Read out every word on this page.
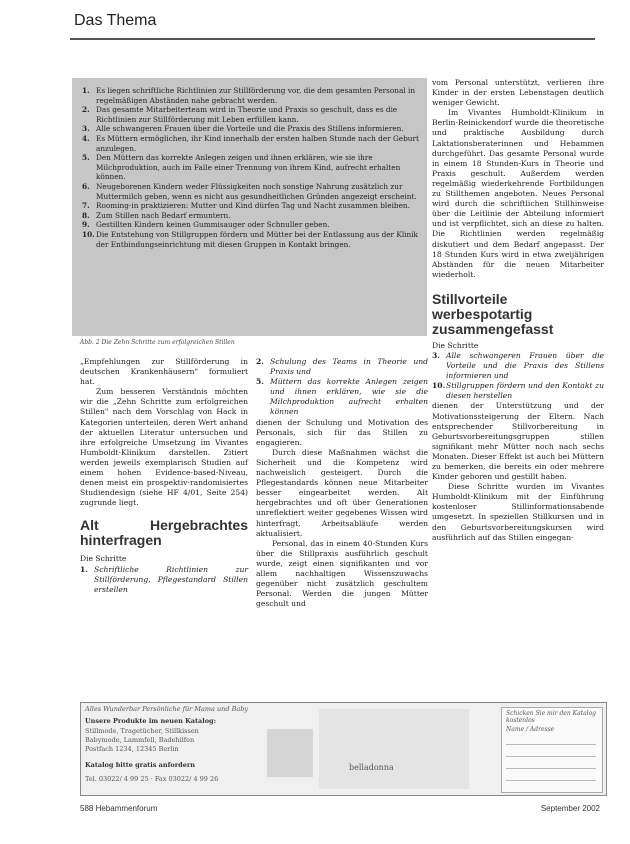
Das Thema
1. Es liegen schriftliche Richtlinien zur Stillförderung vor, die dem gesamten Personal in regelmäßigen Abständen nahe gebracht werden.
2. Das gesamte Mitarbeiterteam wird in Theorie und Praxis so geschult, dass es die Richtlinien zur Stillförderung mit Leben erfüllen kann.
3. Alle schwangeren Frauen über die Vorteile und die Praxis des Stillens informieren.
4. Es Müttern ermöglichen, ihr Kind innerhalb der ersten halben Stunde nach der Geburt anzulegen.
5. Den Müttern das korrekte Anlegen zeigen und ihnen erklären, wie sie ihre Milchproduktion, auch im Falle einer Trennung von ihrem Kind, aufrecht erhalten können.
6. Neugeborenen Kindern weder Flüssigkeiten noch sonstige Nahrung zusätzlich zur Muttermilch geben, wenn es nicht aus gesundheitlichen Gründen angezeigt erscheint.
7. Rooming-in praktizieren: Mutter und Kind dürfen Tag und Nacht zusammen bleiben.
8. Zum Stillen nach Bedarf ermuntern.
9. Gestillten Kindern keinen Gummisauger oder Schnuller geben.
10. Die Entstehung von Stillgruppen fördern und Mütter bei der Entlassung aus der Klinik der Entbindungseinrichtung mit diesen Gruppen in Kontakt bringen.
Abb. 2 Die Zehn Schritte zum erfolgreichen Stillen

„Empfehlungen zur Stillförderung in deutschen Krankenhäusern" formuliert hat.

Zum besseren Verständnis möchten wir die „Zehn Schritte zum erfolgreichen Stillen" nach dem Vorschlag von Hack in Kategorien unterteilen, deren Wert anhand der aktuellen Literatur untersuchen und ihre erfolgreiche Umsetzung im Vivantes Humboldt-Klinikum darstellen. Zitiert werden jeweils exemplarisch Studien auf einem hohen Evidence-based-Niveau, denen meist ein prospektiv-randomisiertes Studiendesign (siehe HF 4/01, Seite 254) zugrunde liegt.

Alt Hergebrachtes hinterfragen

Die Schritte

1. Schriftliche Richtlinien zur Stillförderung, Pflegestandard Stillen erstellen
2. Schulung des Teams in Theorie und Praxis und
5. Müttern das korrekte Anlegen zeigen und ihnen erklären, wie sie die Milchproduktion aufrecht erhalten können

dienen der Schulung und Motivation des Personals, sich für das Stillen zu engagieren.

Durch diese Maßnahmen wächst die Sicherheit und die Kompetenz wird nachweislich gesteigert. Durch die Pflegestandards können neue Mitarbeiter besser eingearbeitet werden. Alt hergebrachtes und oft über Generationen unreflektiert weiter gegebenes Wissen wird hinterfragt, Arbeitsabläufe werden aktualisiert.

Personal, das in einem 40-Stunden Kurs über die Stillpraxis ausführlich geschult wurde, zeigt einen signifikanten und vor allem nachhaltigen Wissenszuwachs gegenüber nicht zusätzlich geschultem Personal. Werden die jungen Mütter geschult und

vom Personal unterstützt, verlieren ihre Kinder in der ersten Lebenstagen deutlich weniger Gewicht.

Im Vivantes Humboldt-Klinikum in Berlin-Reinickendorf wurde die theoretische und praktische Ausbildung durch Laktationsberaterinnen und Hebammen durchgeführt. Das gesamte Personal wurde in einem 18 Stunden-Kurs in Theorie und Praxis geschult. Außerdem werden regelmäßig wiederkehrende Fortbildungen zu Stillthemen angeboten. Neues Personal wird durch die schriftlichen Stillhinweise über die Leitlinie der Abteilung informiert und ist verpflichtet, sich an diese zu halten. Die Richtlinien werden regelmäßig diskutiert und dem Bedarf angepasst. Der 18 Stunden Kurs wird in etwa zweijährigen Abständen für die neuen Mitarbeiter wiederholt.

Stillvorteile werbespotartig zusammengefasst

Die Schritte

3. Alle schwangeren Frauen über die Vorteile und die Praxis des Stillens informieren und
10. Stillgruppen fördern und den Kontakt zu diesen herstellen

dienen der Unterstützung und der Motivationssteigerung der Eltern. Nach entsprechender Stillvorbereitung in Geburtsvorbereitungsgruppen stillen signifikant mehr Mütter noch nach sechs Monaten. Dieser Effekt ist auch bei Müttern zu bemerken, die bereits ein oder mehrere Kinder geboren und gestillt haben.

Diese Schritte wurden im Vivantes Humboldt-Klinikum mit der Einführung kostenloser Stillinformationsabende umgesetzt. In speziellen Stillkursen und in den Geburtsvorbereitungskursen wird ausführlich auf das Stillen eingegan-

Alles Wunderbar Persönliche für Mama und Baby
Unsere Produkte im neuen Katalog:
Stillmode, Tragetücher, Stillkissen
Babymode, Lammfell, Badehilfen
Postfach 1234, 12345 Berlin
Katalog bitte gratis anfordern
Tel. 03022/ 4 99 25 · Fax 03022/ 4 99 26
belladonna
Schicken Sie mir den Katalog kostenlos
Name / Adresse
588 Hebammenforum	September 2002
